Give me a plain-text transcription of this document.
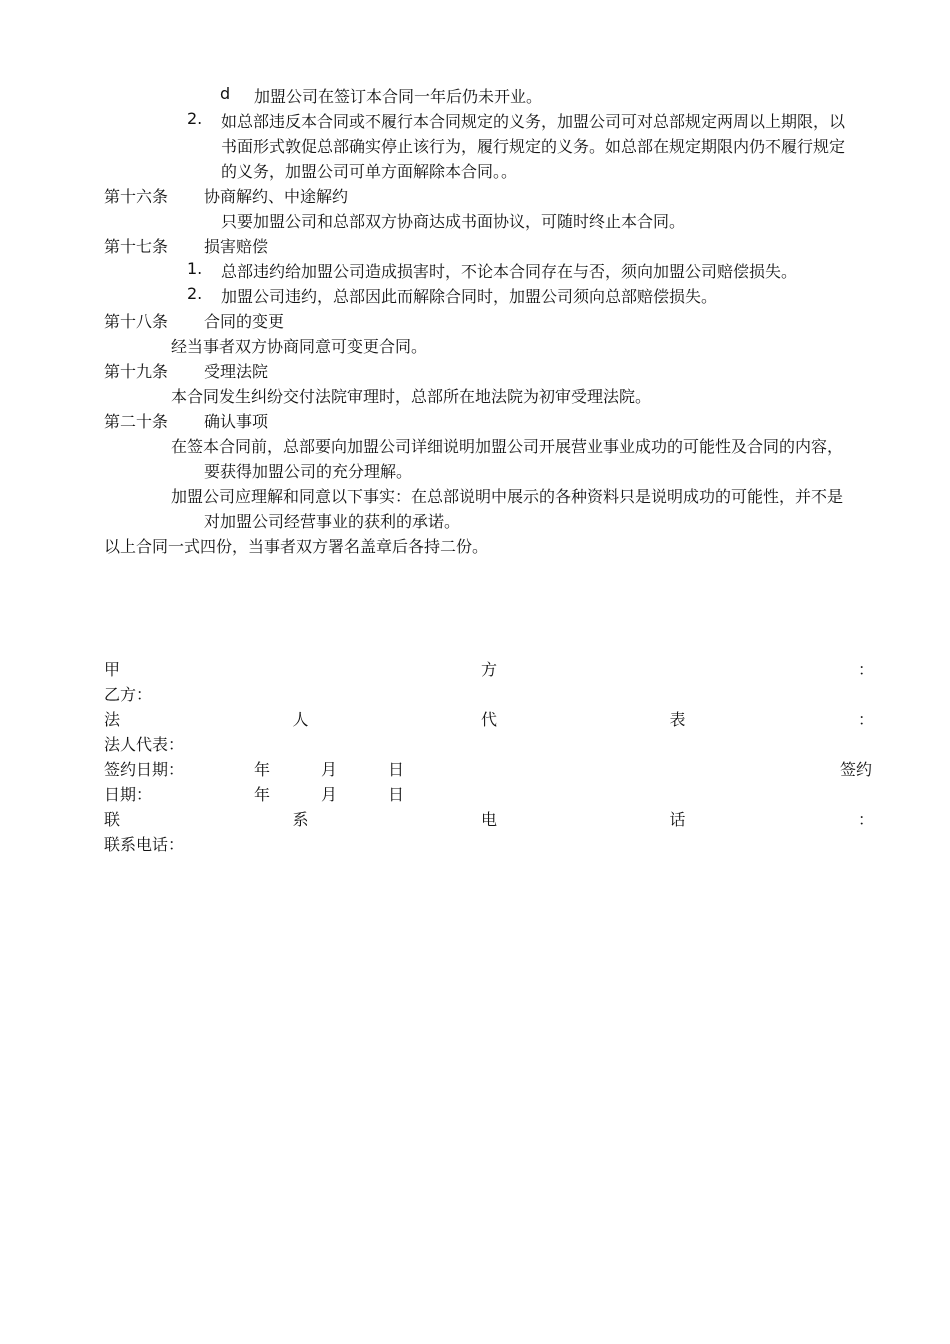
d 加盟公司在签订本合同一年后仍未开业。
2. 如总部违反本合同或不履行本合同规定的义务，加盟公司可对总部规定两周以上期限，以
书面形式敦促总部确实停止该行为，履行规定的义务。如总部在规定期限内仍不履行规定
的义务，加盟公司可单方面解除本合同。。
第十六条 协商解约、中途解约
只要加盟公司和总部双方协商达成书面协议，可随时终止本合同。
第十七条 损害赔偿
1. 总部违约给加盟公司造成损害时，不论本合同存在与否，须向加盟公司赔偿损失。
2. 加盟公司违约，总部因此而解除合同时，加盟公司须向总部赔偿损失。
第十八条 合同的变更
经当事者双方协商同意可变更合同。
第十九条 受理法院
本合同发生纠纷交付法院审理时，总部所在地法院为初审受理法院。
第二十条 确认事项
在签本合同前，总部要向加盟公司详细说明加盟公司开展营业事业成功的可能性及合同的内容，
要获得加盟公司的充分理解。
加盟公司应理解和同意以下事实：在总部说明中展示的各种资料只是说明成功的可能性，并不是
对加盟公司经营事业的获利的承诺。
以上合同一式四份，当事者双方署名盖章后各持二份。
甲	方	：
乙方：
法	人	代	表	：
法人代表：
签约日期：	年	月	日	签约
日期：	年	月	日
联	系	电	话	：
联系电话：
